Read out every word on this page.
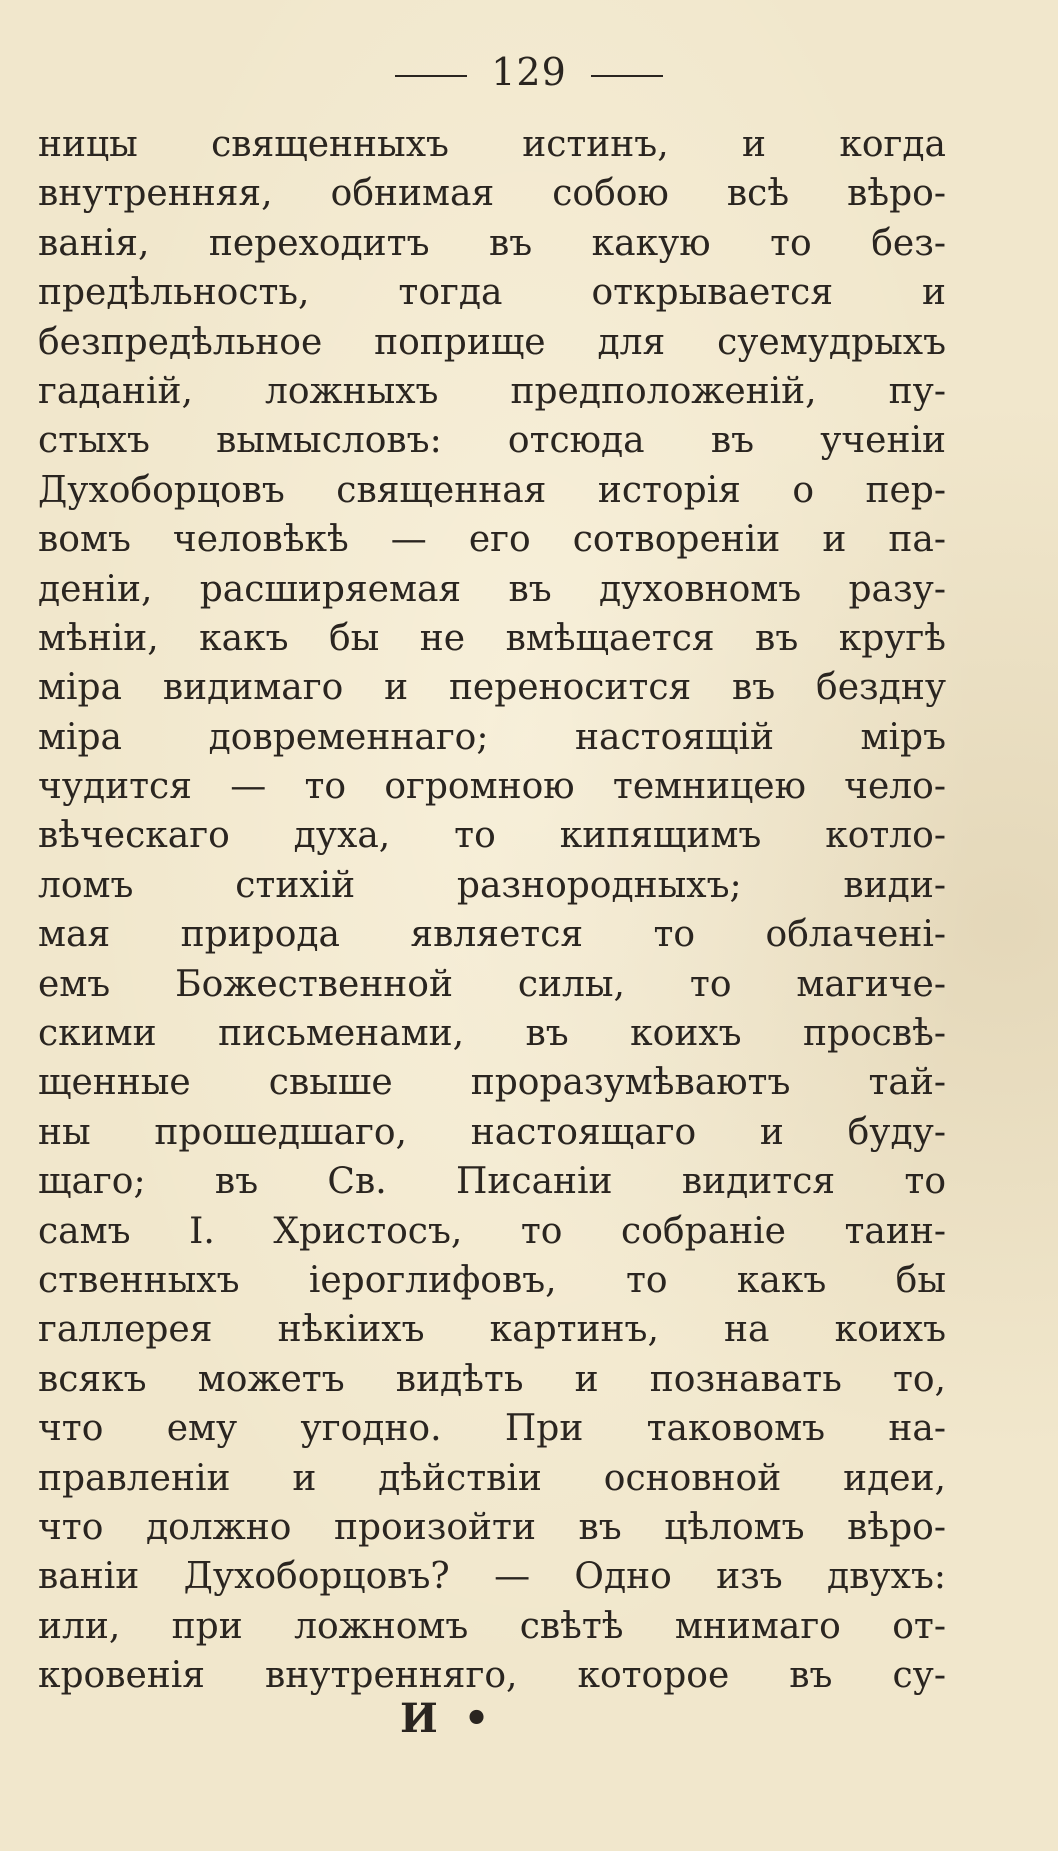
129
ницы священныхъ истинъ, и когда
внутренняя, обнимая собою всѣ вѣро-
ванія, переходитъ въ какую то без-
предѣльность, тогда открывается и
безпредѣльное поприще для суемудрыхъ
гаданій, ложныхъ предположеній, пу-
стыхъ вымысловъ: отсюда въ ученіи
Духоборцовъ священная исторія о пер-
вомъ человѣкѣ — его сотвореніи и па-
деніи, расширяемая въ духовномъ разу-
мѣніи, какъ бы не вмѣщается въ кругѣ
міра видимаго и переносится въ бездну
міра довременнаго; настоящій міръ
чудится — то огромною темницею чело-
вѣческаго духа, то кипящимъ котло-
ломъ стихій разнородныхъ; види-
мая природа является то облаченi-
емъ Божественной силы, то магиче-
скими письменами, въ коихъ просвѣ-
щенные свыше проразумѣваютъ тай-
ны прошедшаго, настоящаго и буду-
щаго; въ Св. Писаніи видится то
самъ I. Христосъ, то собраніе таин-
ственныхъ іероглифовъ, то какъ бы
галлерея нѣкіихъ картинъ, на коихъ
всякъ можетъ видѣть и познавать то,
что ему угодно. При таковомъ на-
правленіи и дѣйствіи основной идеи,
что должно произойти въ цѣломъ вѣро-
ваніи Духоборцовъ? — Одно изъ двухъ:
или, при ложномъ свѣтѣ мнимаго от-
кровенія внутренняго, которое въ су-
И •
